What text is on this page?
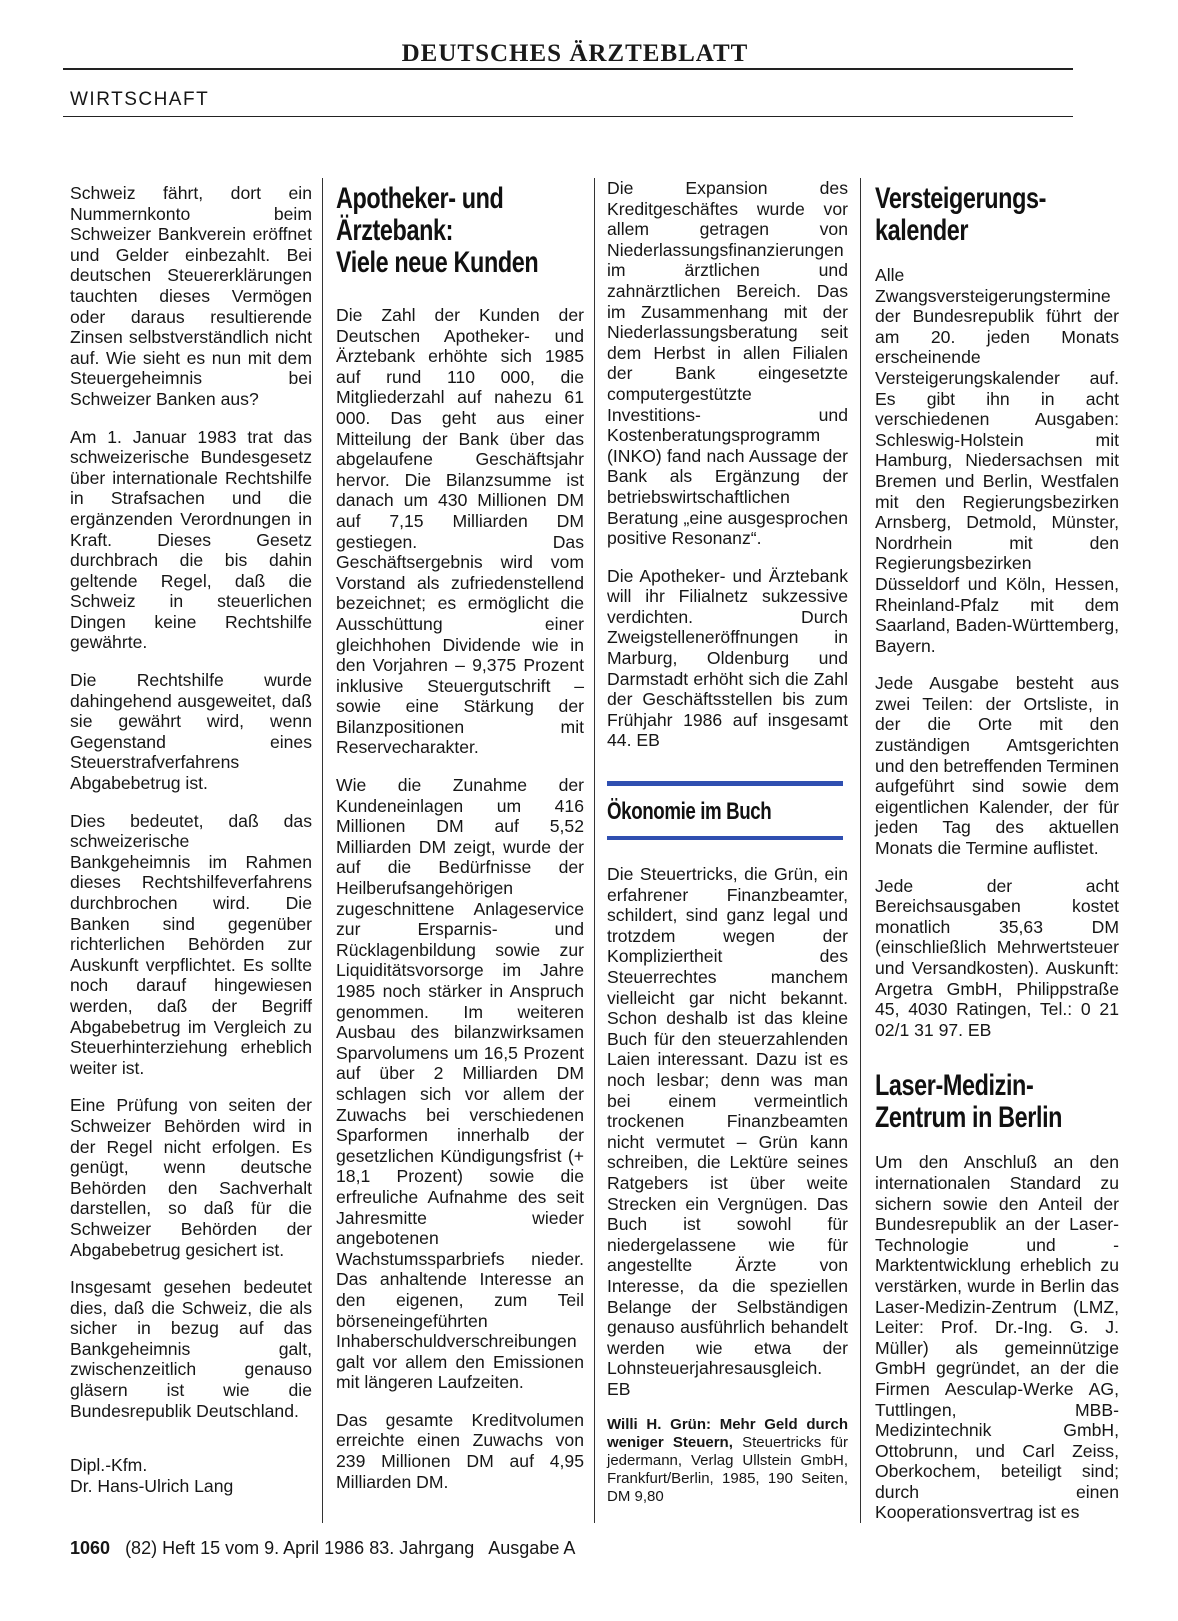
DEUTSCHES ÄRZTEBLATT
WIRTSCHAFT

Schweiz fährt, dort ein Nummernkonto beim Schweizer Bankverein eröffnet und Gelder einbezahlt. Bei deutschen Steuererklärungen tauchten dieses Vermögen oder daraus resultierende Zinsen selbstverständlich nicht auf. Wie sieht es nun mit dem Steuergeheimnis bei Schweizer Banken aus?

Am 1. Januar 1983 trat das schweizerische Bundesgesetz über internationale Rechtshilfe in Strafsachen und die ergänzenden Verordnungen in Kraft. Dieses Gesetz durchbrach die bis dahin geltende Regel, daß die Schweiz in steuerlichen Dingen keine Rechtshilfe gewährte.

Die Rechtshilfe wurde dahingehend ausgeweitet, daß sie gewährt wird, wenn Gegenstand eines Steuerstrafverfahrens Abgabebetrug ist.

Dies bedeutet, daß das schweizerische Bankgeheimnis im Rahmen dieses Rechtshilfeverfahrens durchbrochen wird. Die Banken sind gegenüber richterlichen Behörden zur Auskunft verpflichtet. Es sollte noch darauf hingewiesen werden, daß der Begriff Abgabebetrug im Vergleich zu Steuerhinterziehung erheblich weiter ist.

Eine Prüfung von seiten der Schweizer Behörden wird in der Regel nicht erfolgen. Es genügt, wenn deutsche Behörden den Sachverhalt darstellen, so daß für die Schweizer Behörden der Abgabebetrug gesichert ist.

Insgesamt gesehen bedeutet dies, daß die Schweiz, die als sicher in bezug auf das Bankgeheimnis galt, zwischenzeitlich genauso gläsern ist wie die Bundesrepublik Deutschland.

Dipl.-Kfm.
Dr. Hans-Ulrich Lang
Apotheker- und
Ärztebank:
Viele neue Kunden

Die Zahl der Kunden der Deutschen Apotheker- und Ärztebank erhöhte sich 1985 auf rund 110 000, die Mitgliederzahl auf nahezu 61 000. Das geht aus einer Mitteilung der Bank über das abgelaufene Geschäftsjahr hervor. Die Bilanzsumme ist danach um 430 Millionen DM auf 7,15 Milliarden DM gestiegen. Das Geschäftsergebnis wird vom Vorstand als zufriedenstellend bezeichnet; es ermöglicht die Ausschüttung einer gleichhohen Dividende wie in den Vorjahren – 9,375 Prozent inklusive Steuergutschrift – sowie eine Stärkung der Bilanzpositionen mit Reservecharakter.

Wie die Zunahme der Kundeneinlagen um 416 Millionen DM auf 5,52 Milliarden DM zeigt, wurde der auf die Bedürfnisse der Heilberufsangehörigen zugeschnittene Anlageservice zur Ersparnis- und Rücklagenbildung sowie zur Liquiditätsvorsorge im Jahre 1985 noch stärker in Anspruch genommen. Im weiteren Ausbau des bilanzwirksamen Sparvolumens um 16,5 Prozent auf über 2 Milliarden DM schlagen sich vor allem der Zuwachs bei verschiedenen Sparformen innerhalb der gesetzlichen Kündigungsfrist (+ 18,1 Prozent) sowie die erfreuliche Aufnahme des seit Jahresmitte wieder angebotenen Wachstumssparbriefs nieder. Das anhaltende Interesse an den eigenen, zum Teil börseneingeführten Inhaberschuldverschreibungen galt vor allem den Emissionen mit längeren Laufzeiten.

Das gesamte Kreditvolumen erreichte einen Zuwachs von 239 Millionen DM auf 4,95 Milliarden DM.

Die Expansion des Kreditgeschäftes wurde vor allem getragen von Niederlassungsfinanzierungen im ärztlichen und zahnärztlichen Bereich. Das im Zusammenhang mit der Niederlassungsberatung seit dem Herbst in allen Filialen der Bank eingesetzte computergestützte Investitions- und Kostenberatungsprogramm (INKO) fand nach Aussage der Bank als Ergänzung der betriebswirtschaftlichen Beratung „eine ausgesprochen positive Resonanz“.

Die Apotheker- und Ärztebank will ihr Filialnetz sukzessive verdichten. Durch Zweigstelleneröffnungen in Marburg, Oldenburg und Darmstadt erhöht sich die Zahl der Geschäftsstellen bis zum Frühjahr 1986 auf insgesamt 44. EB

Ökonomie im Buch

Die Steuertricks, die Grün, ein erfahrener Finanzbeamter, schildert, sind ganz legal und trotzdem wegen der Kompliziertheit des Steuerrechtes manchem vielleicht gar nicht bekannt. Schon deshalb ist das kleine Buch für den steuerzahlenden Laien interessant. Dazu ist es noch lesbar; denn was man bei einem vermeintlich trockenen Finanzbeamten nicht vermutet – Grün kann schreiben, die Lektüre seines Ratgebers ist über weite Strecken ein Vergnügen. Das Buch ist sowohl für niedergelassene wie für angestellte Ärzte von Interesse, da die speziellen Belange der Selbständigen genauso ausführlich behandelt werden wie etwa der Lohnsteuerjahresausgleich. EB

Willi H. Grün: Mehr Geld durch weniger Steuern, Steuertricks für jedermann, Verlag Ullstein GmbH, Frankfurt/Berlin, 1985, 190 Seiten, DM 9,80

Versteigerungs-
kalender

Alle Zwangsversteigerungstermine der Bundesrepublik führt der am 20. jeden Monats erscheinende Versteigerungskalender auf. Es gibt ihn in acht verschiedenen Ausgaben: Schleswig-Holstein mit Hamburg, Niedersachsen mit Bremen und Berlin, Westfalen mit den Regierungsbezirken Arnsberg, Detmold, Münster, Nordrhein mit den Regierungsbezirken Düsseldorf und Köln, Hessen, Rheinland-Pfalz mit dem Saarland, Baden-Württemberg, Bayern.

Jede Ausgabe besteht aus zwei Teilen: der Ortsliste, in der die Orte mit den zuständigen Amtsgerichten und den betreffenden Terminen aufgeführt sind sowie dem eigentlichen Kalender, der für jeden Tag des aktuellen Monats die Termine auflistet.

Jede der acht Bereichsausgaben kostet monatlich 35,63 DM (einschließlich Mehrwertsteuer und Versandkosten). Auskunft: Argetra GmbH, Philippstraße 45, 4030 Ratingen, Tel.: 0 21 02/1 31 97. EB

Laser-Medizin-
Zentrum in Berlin

Um den Anschluß an den internationalen Standard zu sichern sowie den Anteil der Bundesrepublik an der Laser-Technologie und -Marktentwicklung erheblich zu verstärken, wurde in Berlin das Laser-Medizin-Zentrum (LMZ, Leiter: Prof. Dr.-Ing. G. J. Müller) als gemeinnützige GmbH gegründet, an der die Firmen Aesculap-Werke AG, Tuttlingen, MBB-Medizintechnik GmbH, Ottobrunn, und Carl Zeiss, Oberkochem, beteiligt sind; durch einen Kooperationsvertrag ist es

1060 (82) Heft 15 vom 9. April 1986 83. Jahrgang   Ausgabe A
